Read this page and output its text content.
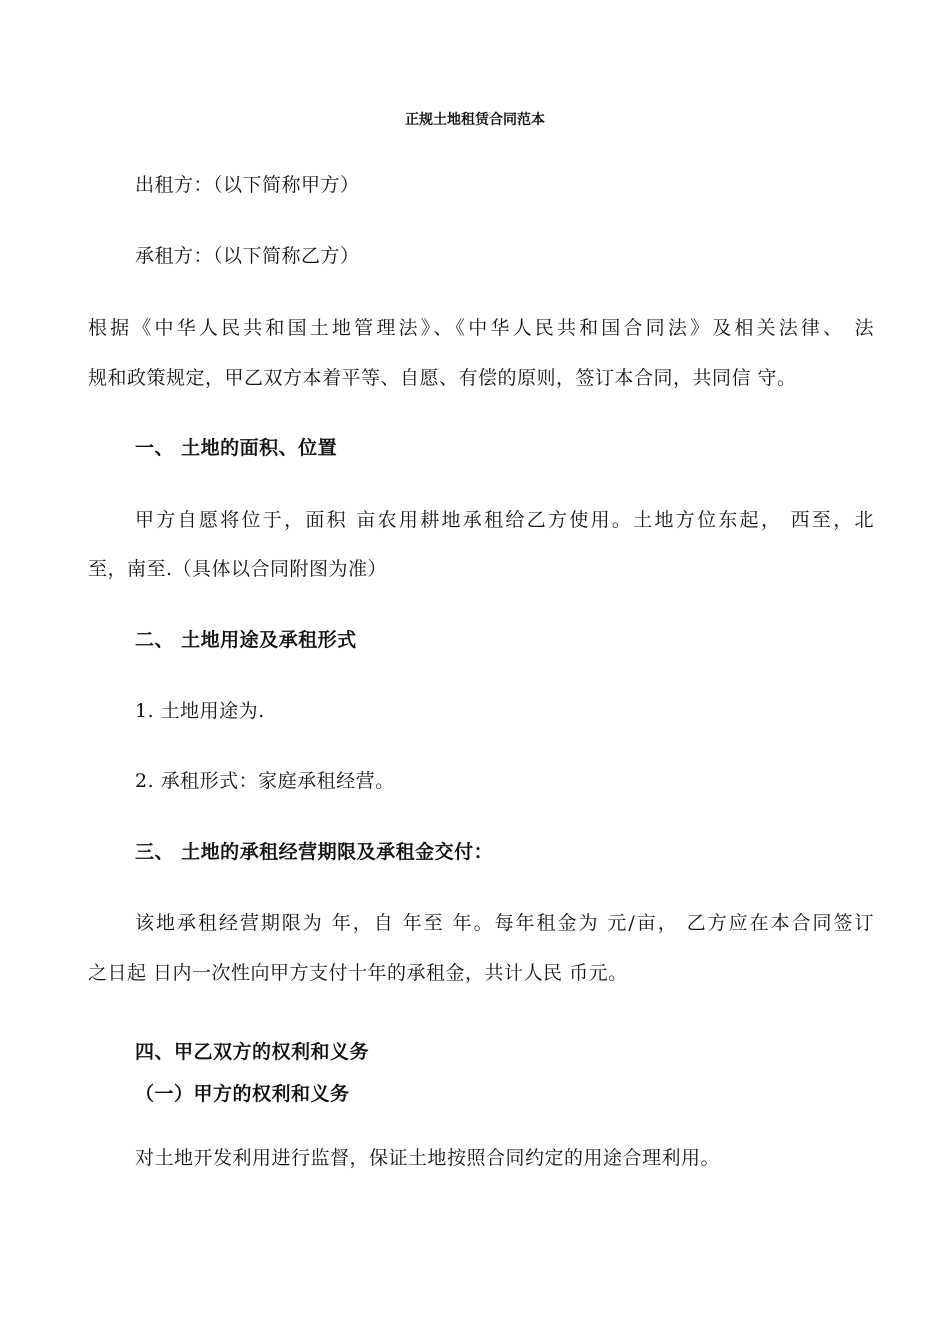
正规土地租赁合同范本
出租方：（以下简称甲方）
承租方：（以下简称乙方）
根据《中华人民共和国土地管理法》、《中华人民共和国合同法》及相关法律、 法
规和政策规定，甲乙双方本着平等、自愿、有偿的原则，签订本合同，共同信 守。
一、 土地的面积、位置
甲方自愿将位于，面积 亩农用耕地承租给乙方使用。土地方位东起， 西至，北
至，南至.（具体以合同附图为准）
二、 土地用途及承租形式
1. 土地用途为.
2. 承租形式：家庭承租经营。
三、 土地的承租经营期限及承租金交付：
该地承租经营期限为 年，自 年至 年。每年租金为 元/亩， 乙方应在本合同签订
之日起 日内一次性向甲方支付十年的承租金，共计人民 币元。
四、甲乙双方的权利和义务
（一）甲方的权利和义务
对土地开发利用进行监督，保证土地按照合同约定的用途合理利用。
